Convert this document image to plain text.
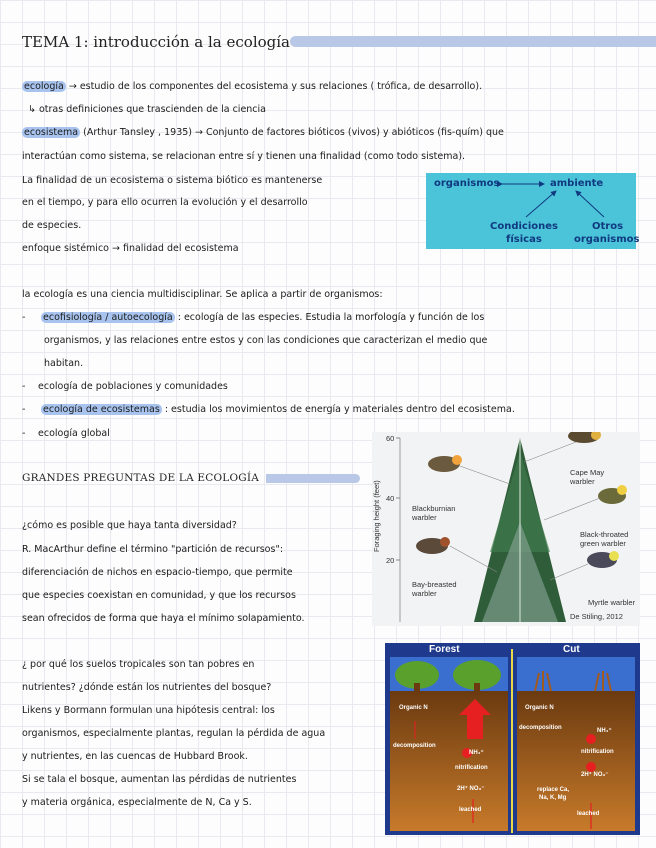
TEMA 1: introducción a la ecología
ecología → estudio de los componentes del ecosistema y sus relaciones ( trófica, de desarrollo).
↳ otras definiciones que trascienden de la ciencia
ecosistema (Arthur Tansley , 1935) → Conjunto de factores bióticos (vivos) y abióticos (fis-quím) que
interactúan como sistema, se relacionan entre sí y tienen una finalidad (como todo sistema).
La finalidad de un ecosistema o sistema biótico es mantenerse
en el tiempo, y para ello ocurren la evolución y el desarrollo
de especies.
enfoque sistémico → finalidad del ecosistema
organismos	ambiente
Condiciones
físicas
Otros
organismos
la ecología es una ciencia multidisciplinar. Se aplica a partir de organismos:
- ecofisiología / autoecología : ecología de las especies. Estudia la morfología y función de los
organismos, y las relaciones entre estos y con las condiciones que caracterizan el medio que
habitan.
- ecología de poblaciones y comunidades
- ecología de ecosistemas : estudia los movimientos de energía y materiales dentro del ecosistema.
- ecología global
GRANDES PREGUNTAS DE LA ECOLOGÍA
¿cómo es posible que haya tanta diversidad?
R. MacArthur define el término "partición de recursos":
diferenciación de nichos en espacio-tiempo, que permite
que especies coexistan en comunidad, y que los recursos
sean ofrecidos de forma que haya el mínimo solapamiento.
¿ por qué los suelos tropicales son tan pobres en
nutrientes? ¿dónde están los nutrientes del bosque?
Likens y Bormann formulan una hipótesis central: los
organismos, especialmente plantas, regulan la pérdida de agua
y nutrientes, en las cuencas de Hubbard Brook.
Si se tala el bosque, aumentan las pérdidas de nutrientes
y materia orgánica, especialmente de N, Ca y S.
Foraging height (feet)
60
40
20
Blackburnian
warbler
Cape May
warbler
Black-throated
green warbler
Bay-breasted
warbler
Myrtle warbler
De Stiling, 2012
Forest	Cut
Organic N
decomposition
NH₄⁺
nitrification
2H⁺ NO₃⁻
leached
Organic N
decomposition	NH₄⁺
nitrification
2H⁺ NO₃⁻
replace Ca,
Na, K, Mg
leached
